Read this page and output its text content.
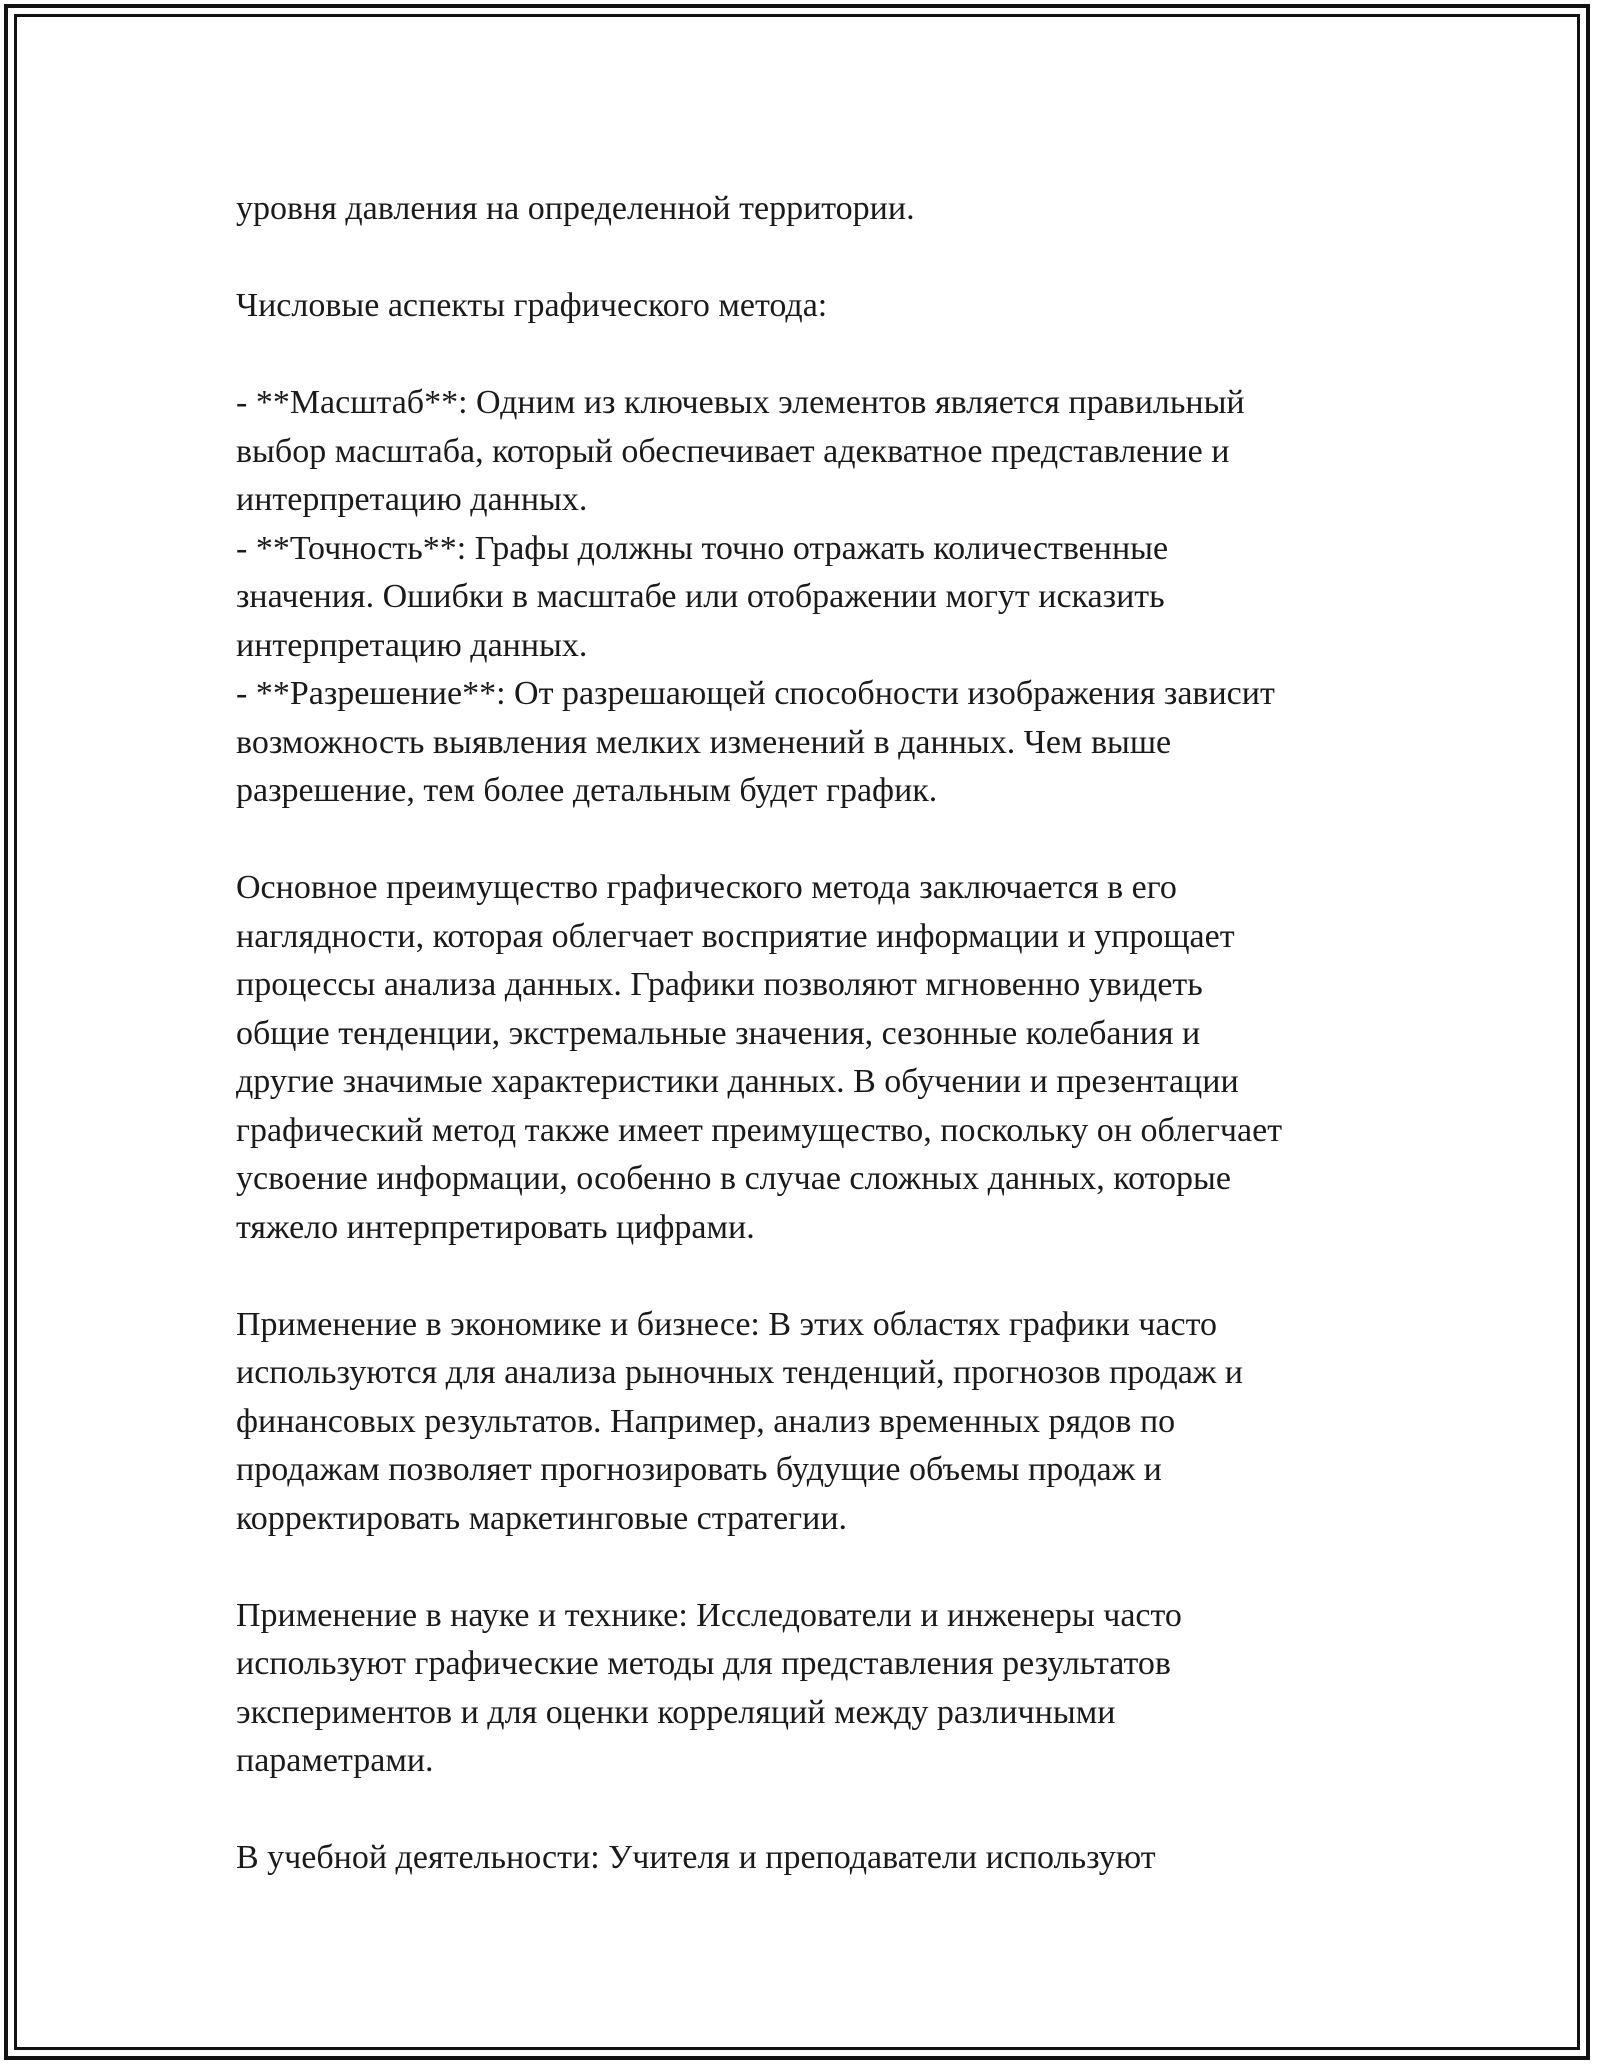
уровня давления на определенной территории.
Числовые аспекты графического метода:
- **Масштаб**: Одним из ключевых элементов является правильный
выбор масштаба, который обеспечивает адекватное представление и
интерпретацию данных.
- **Точность**: Графы должны точно отражать количественные
значения. Ошибки в масштабе или отображении могут исказить
интерпретацию данных.
- **Разрешение**: От разрешающей способности изображения зависит
возможность выявления мелких изменений в данных. Чем выше
разрешение, тем более детальным будет график.
Основное преимущество графического метода заключается в его
наглядности, которая облегчает восприятие информации и упрощает
процессы анализа данных. Графики позволяют мгновенно увидеть
общие тенденции, экстремальные значения, сезонные колебания и
другие значимые характеристики данных. В обучении и презентации
графический метод также имеет преимущество, поскольку он облегчает
усвоение информации, особенно в случае сложных данных, которые
тяжело интерпретировать цифрами.
Применение в экономике и бизнесе: В этих областях графики часто
используются для анализа рыночных тенденций, прогнозов продаж и
финансовых результатов. Например, анализ временных рядов по
продажам позволяет прогнозировать будущие объемы продаж и
корректировать маркетинговые стратегии.
Применение в науке и технике: Исследователи и инженеры часто
используют графические методы для представления результатов
экспериментов и для оценки корреляций между различными
параметрами.
В учебной деятельности: Учителя и преподаватели используют
